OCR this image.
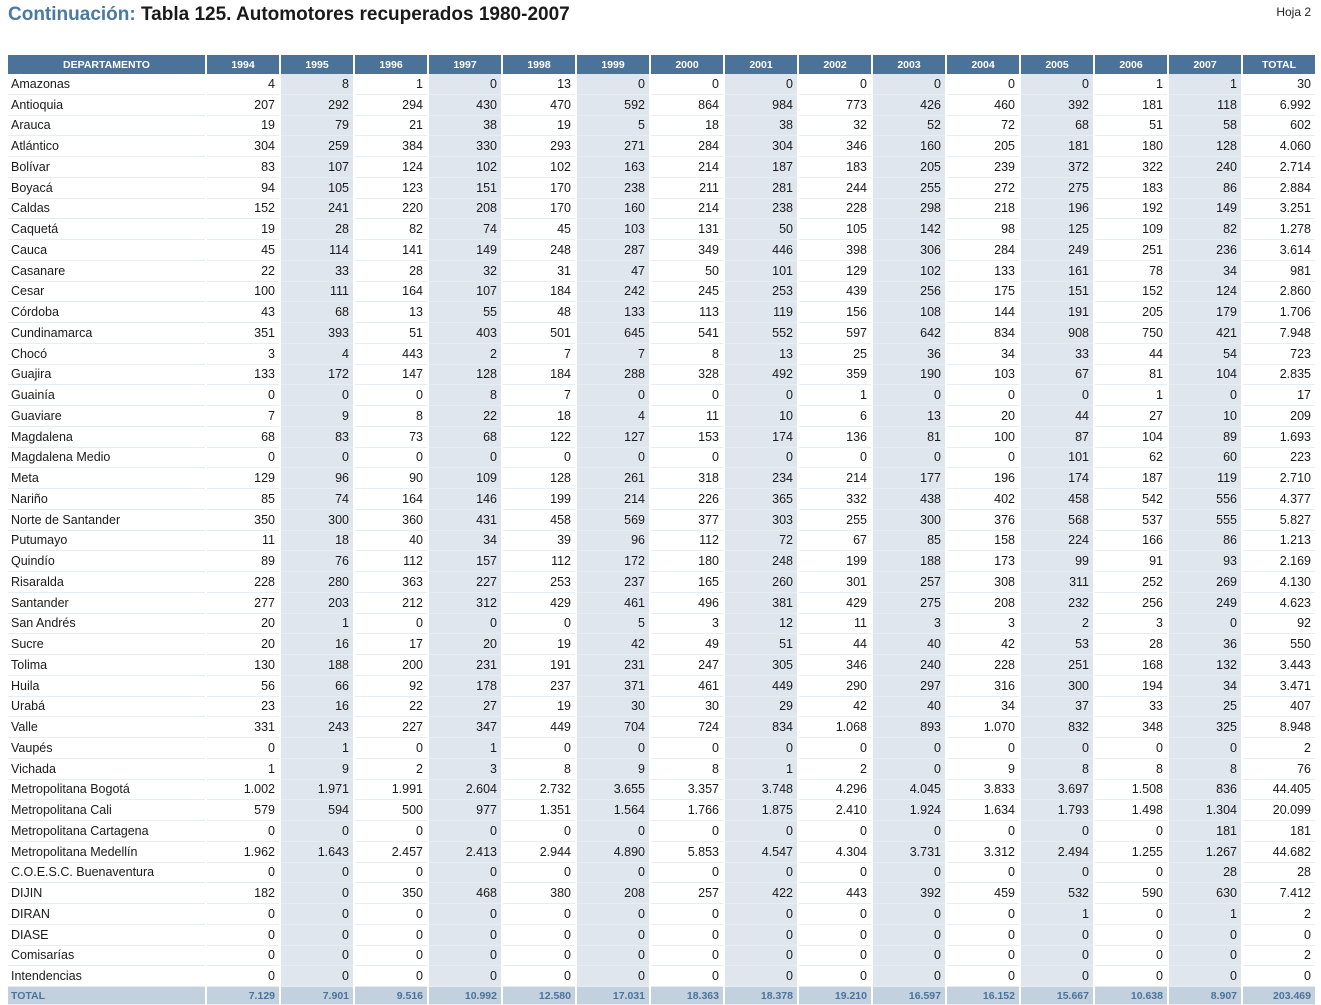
Continuación: Tabla 125. Automotores recuperados 1980-2007	Hoja 2
DEPARTAMENTO	1994	1995	1996	1997	1998	1999	2000	2001	2002	2003	2004	2005	2006	2007	TOTAL
Amazonas	4	8	1	0	13	0	0	0	0	0	0	0	1	1	30
Antioquia	207	292	294	430	470	592	864	984	773	426	460	392	181	118	6.992
Arauca	19	79	21	38	19	5	18	38	32	52	72	68	51	58	602
Atlántico	304	259	384	330	293	271	284	304	346	160	205	181	180	128	4.060
Bolívar	83	107	124	102	102	163	214	187	183	205	239	372	322	240	2.714
Boyacá	94	105	123	151	170	238	211	281	244	255	272	275	183	86	2.884
Caldas	152	241	220	208	170	160	214	238	228	298	218	196	192	149	3.251
Caquetá	19	28	82	74	45	103	131	50	105	142	98	125	109	82	1.278
Cauca	45	114	141	149	248	287	349	446	398	306	284	249	251	236	3.614
Casanare	22	33	28	32	31	47	50	101	129	102	133	161	78	34	981
Cesar	100	111	164	107	184	242	245	253	439	256	175	151	152	124	2.860
Córdoba	43	68	13	55	48	133	113	119	156	108	144	191	205	179	1.706
Cundinamarca	351	393	51	403	501	645	541	552	597	642	834	908	750	421	7.948
Chocó	3	4	443	2	7	7	8	13	25	36	34	33	44	54	723
Guajira	133	172	147	128	184	288	328	492	359	190	103	67	81	104	2.835
Guainía	0	0	0	8	7	0	0	0	1	0	0	0	1	0	17
Guaviare	7	9	8	22	18	4	11	10	6	13	20	44	27	10	209
Magdalena	68	83	73	68	122	127	153	174	136	81	100	87	104	89	1.693
Magdalena Medio	0	0	0	0	0	0	0	0	0	0	0	101	62	60	223
Meta	129	96	90	109	128	261	318	234	214	177	196	174	187	119	2.710
Nariño	85	74	164	146	199	214	226	365	332	438	402	458	542	556	4.377
Norte de Santander	350	300	360	431	458	569	377	303	255	300	376	568	537	555	5.827
Putumayo	11	18	40	34	39	96	112	72	67	85	158	224	166	86	1.213
Quindío	89	76	112	157	112	172	180	248	199	188	173	99	91	93	2.169
Risaralda	228	280	363	227	253	237	165	260	301	257	308	311	252	269	4.130
Santander	277	203	212	312	429	461	496	381	429	275	208	232	256	249	4.623
San Andrés	20	1	0	0	0	5	3	12	11	3	3	2	3	0	92
Sucre	20	16	17	20	19	42	49	51	44	40	42	53	28	36	550
Tolima	130	188	200	231	191	231	247	305	346	240	228	251	168	132	3.443
Huila	56	66	92	178	237	371	461	449	290	297	316	300	194	34	3.471
Urabá	23	16	22	27	19	30	30	29	42	40	34	37	33	25	407
Valle	331	243	227	347	449	704	724	834	1.068	893	1.070	832	348	325	8.948
Vaupés	0	1	0	1	0	0	0	0	0	0	0	0	0	0	2
Vichada	1	9	2	3	8	9	8	1	2	0	9	8	8	8	76
Metropolitana Bogotá	1.002	1.971	1.991	2.604	2.732	3.655	3.357	3.748	4.296	4.045	3.833	3.697	1.508	836	44.405
Metropolitana Cali	579	594	500	977	1.351	1.564	1.766	1.875	2.410	1.924	1.634	1.793	1.498	1.304	20.099
Metropolitana Cartagena	0	0	0	0	0	0	0	0	0	0	0	0	0	181	181
Metropolitana Medellín	1.962	1.643	2.457	2.413	2.944	4.890	5.853	4.547	4.304	3.731	3.312	2.494	1.255	1.267	44.682
C.O.E.S.C. Buenaventura	0	0	0	0	0	0	0	0	0	0	0	0	0	28	28
DIJIN	182	0	350	468	380	208	257	422	443	392	459	532	590	630	7.412
DIRAN	0	0	0	0	0	0	0	0	0	0	0	1	0	1	2
DIASE	0	0	0	0	0	0	0	0	0	0	0	0	0	0	0
Comisarías	0	0	0	0	0	0	0	0	0	0	0	0	0	0	2
Intendencias	0	0	0	0	0	0	0	0	0	0	0	0	0	0	0
TOTAL	7.129	7.901	9.516	10.992	12.580	17.031	18.363	18.378	19.210	16.597	16.152	15.667	10.638	8.907	203.469
